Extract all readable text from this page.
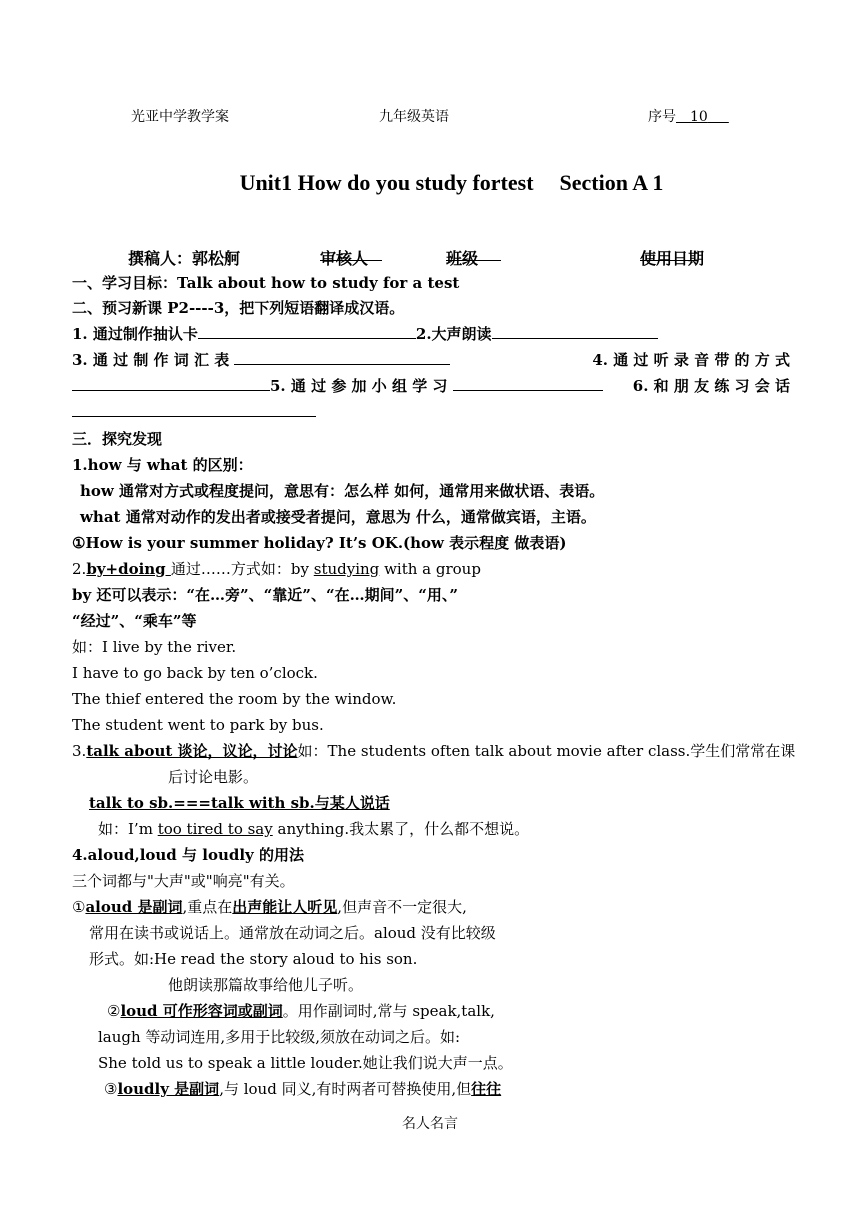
光亚中学教学案	九年级英语	序号   10   
Unit1 How do you study fortest Section A 1
撰稿人：郭松舸	审核人	班级	使用日期
一、学习目标：Talk about how to study for a test
二、预习新课 P2----3，把下列短语翻译成汉语。
1. 通过制作抽认卡	2.大声朗读
3. 通 过 制 作 词 汇 表	4. 通 过 听 录 音 带 的 方 式
5. 通 过 参 加 小 组 学 习	6. 和 朋 友 练 习 会 话
三．探究发现
1.how 与 what 的区别：
how 通常对方式或程度提问，意思有：怎么样 如何，通常用来做状语、表语。
what 通常对动作的发出者或接受者提问，意思为 什么，通常做宾语，主语。
①How is your summer holiday? It’s OK.(how 表示程度 做表语)
2.by+doing 通过……方式如：by studying with a group
by 还可以表示：“在…旁”、“靠近”、“在…期间”、“用、”
“经过”、“乘车”等
如：I live by the river.
I have to go back by ten o’clock.
The thief entered the room by the window.
The student went to park by bus.
3.talk about 谈论，议论，讨论如：The students often talk about movie after class.学生们常常在课
后讨论电影。
talk to sb.===talk with sb.与某人说话
如：I’m too tired to say anything.我太累了，什么都不想说。
4.aloud,loud 与 loudly 的用法
三个词都与"大声"或"响亮"有关。
①aloud 是副词,重点在出声能让人听见,但声音不一定很大,
常用在读书或说话上。通常放在动词之后。aloud 没有比较级
形式。如:He read the story aloud to his son.
他朗读那篇故事给他儿子听。
②loud 可作形容词或副词。用作副词时,常与 speak,talk,
laugh 等动词连用,多用于比较级,须放在动词之后。如:
She told us to speak a little louder.她让我们说大声一点。
③loudly 是副词,与 loud 同义,有时两者可替换使用,但往往
名人名言
